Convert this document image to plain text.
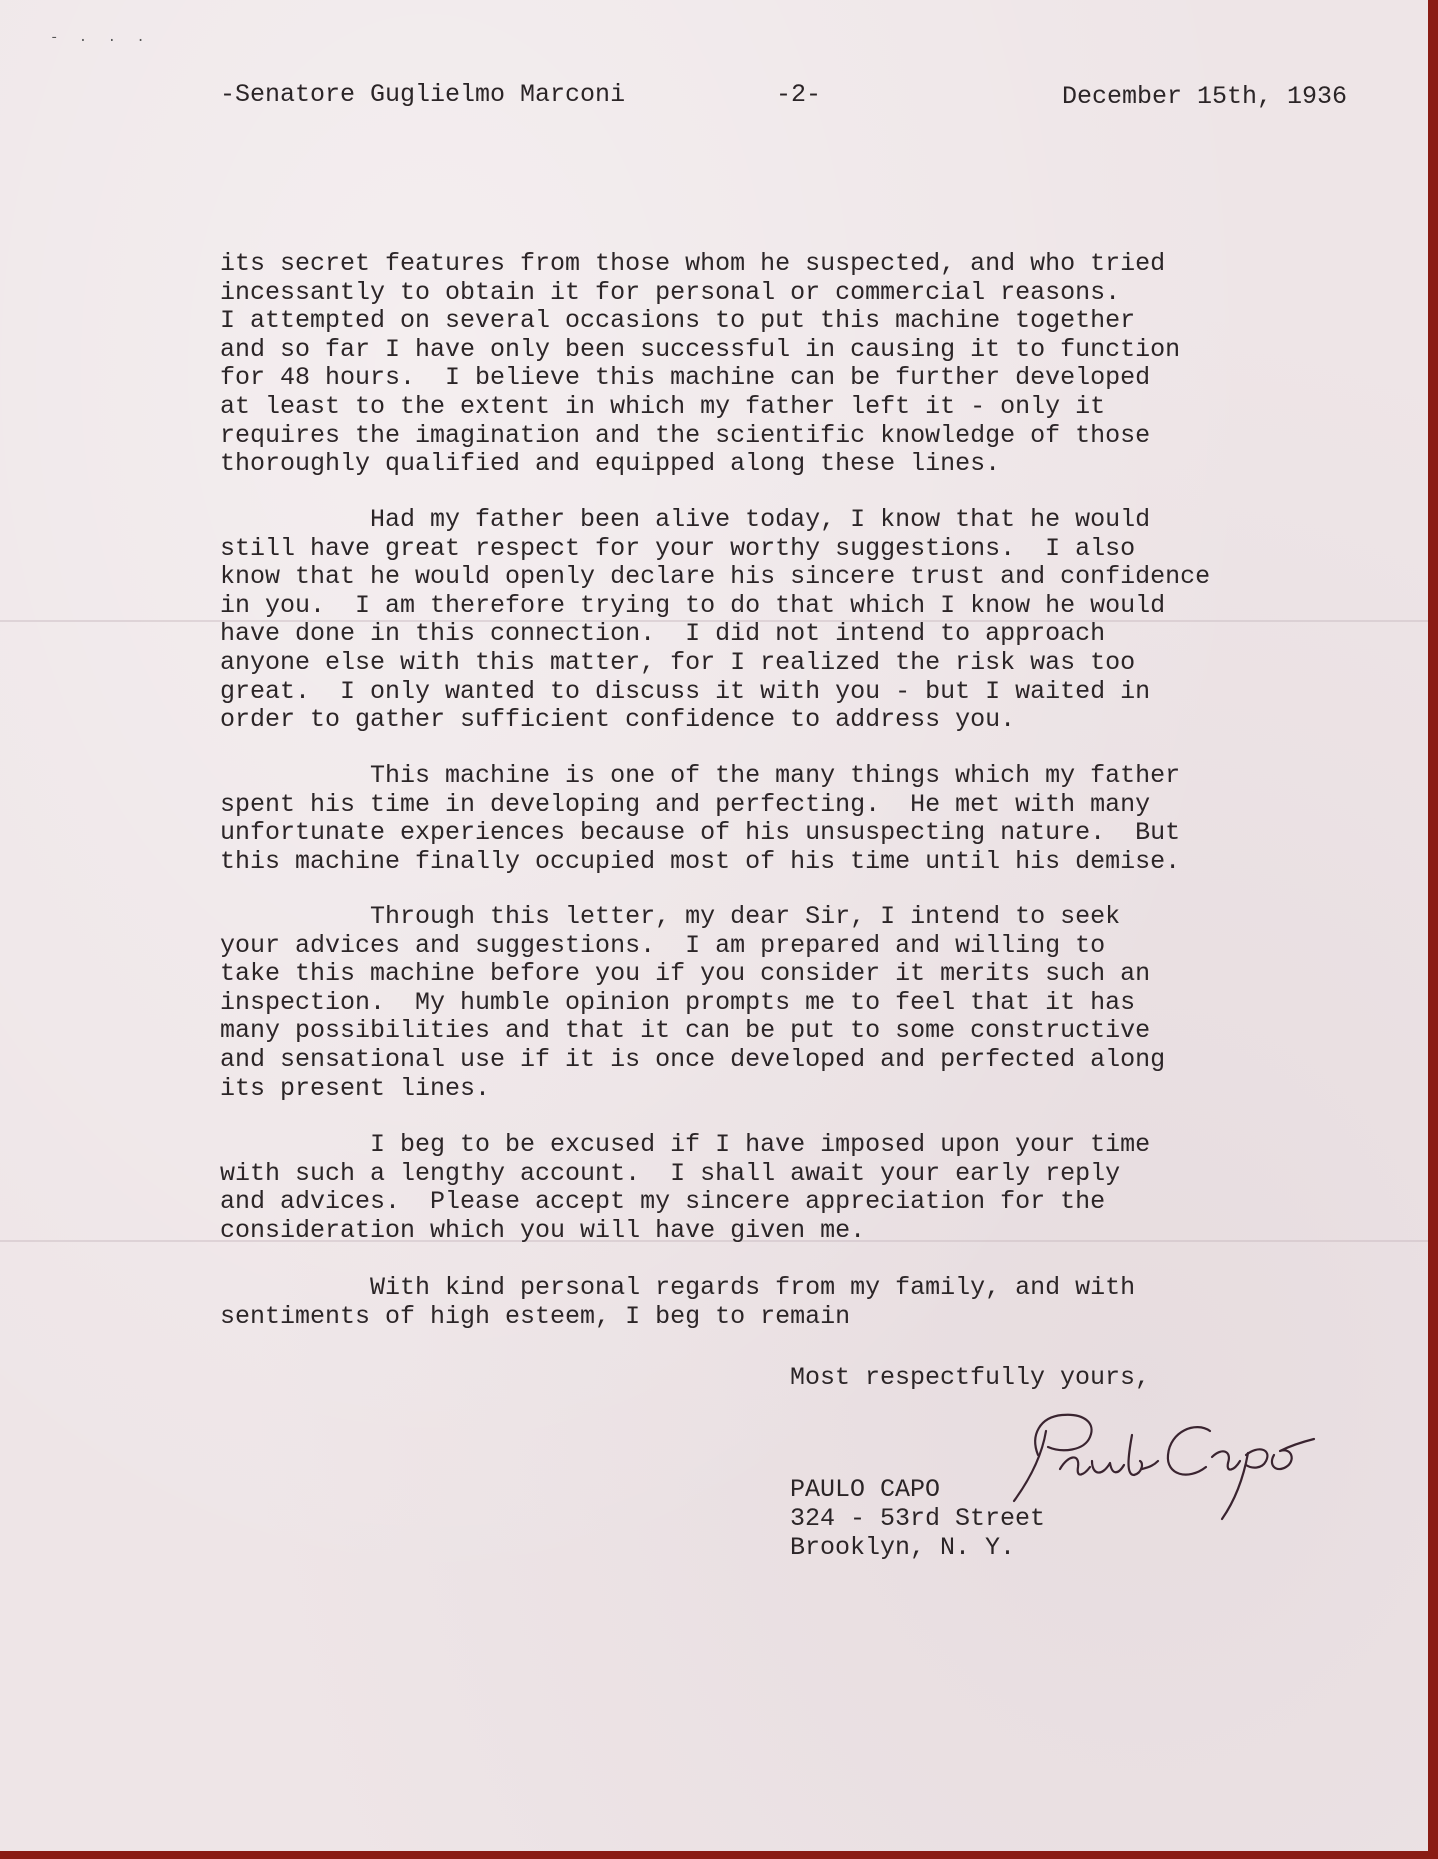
- . . .

-Senatore Guglielmo Marconi	-2-	December 15th, 1936

its secret features from those whom he suspected, and who tried

incessantly to obtain it for personal or commercial reasons.

I attempted on several occasions to put this machine together

and so far I have only been successful in causing it to function

for 48 hours.  I believe this machine can be further developed

at least to the extent in which my father left it - only it

requires the imagination and the scientific knowledge of those

thoroughly qualified and equipped along these lines.

Had my father been alive today, I know that he would

still have great respect for your worthy suggestions.  I also

know that he would openly declare his sincere trust and confidence

in you.  I am therefore trying to do that which I know he would

have done in this connection.  I did not intend to approach

anyone else with this matter, for I realized the risk was too

great.  I only wanted to discuss it with you - but I waited in

order to gather sufficient confidence to address you.

This machine is one of the many things which my father

spent his time in developing and perfecting.  He met with many

unfortunate experiences because of his unsuspecting nature.  But

this machine finally occupied most of his time until his demise.

Through this letter, my dear Sir, I intend to seek

your advices and suggestions.  I am prepared and willing to

take this machine before you if you consider it merits such an

inspection.  My humble opinion prompts me to feel that it has

many possibilities and that it can be put to some constructive

and sensational use if it is once developed and perfected along

its present lines.

I beg to be excused if I have imposed upon your time

with such a lengthy account.  I shall await your early reply

and advices.  Please accept my sincere appreciation for the

consideration which you will have given me.

With kind personal regards from my family, and with

sentiments of high esteem, I beg to remain

Most respectfully yours,

PAULO CAPO

324 - 53rd Street

Brooklyn, N. Y.
